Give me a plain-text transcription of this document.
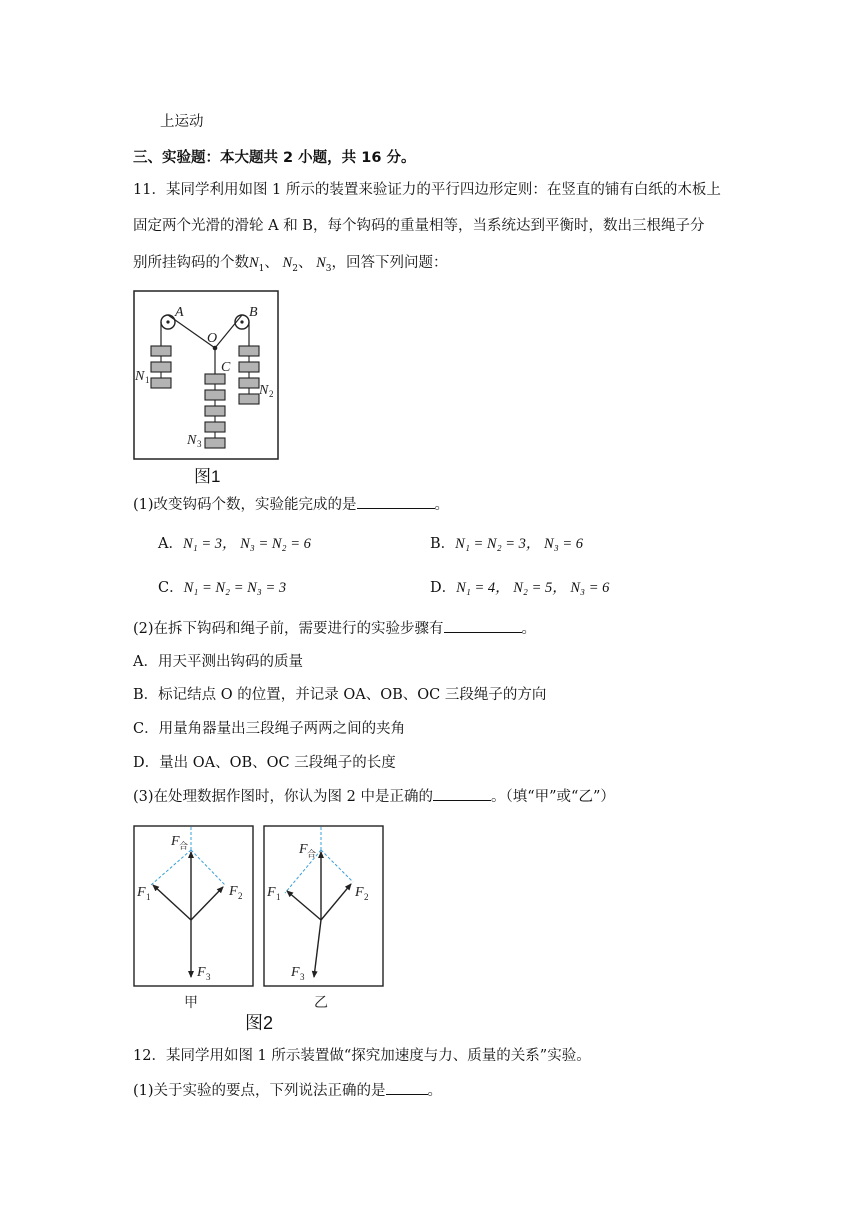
上运动
三、实验题：本大题共 2 小题，共 16 分。
11．某同学利用如图 1 所示的装置来验证力的平行四边形定则：在竖直的铺有白纸的木板上
固定两个光滑的滑轮 A 和 B，每个钩码的重量相等，当系统达到平衡时，数出三根绳子分
别所挂钩码的个数$N_1$、 $N_2$、 $N_3$，回答下列问题：
A	B
O
C
N
N
N
1
2
3
图1
(1)改变钩码个数，实验能完成的是	。
A．N₁ = 3， N₃ = N₂ = 6	B．N₁ = N₂ = 3， N₃ = 6
C．N₁ = N₂ = N₃ = 3	D．N₁ = 4， N₂ = 5， N₃ = 6
(2)在拆下钩码和绳子前，需要进行的实验步骤有	。
A．用天平测出钩码的质量
B．标记结点 O 的位置，并记录 OA、OB、OC 三段绳子的方向
C．用量角器量出三段绳子两两之间的夹角
D．量出 OA、OB、OC 三段绳子的长度
(3)在处理数据作图时，你认为图 2 中是正确的	。（填“甲”或“乙”）
F
F	F
F
F
F	F
F
合
1	2
3
合
1	2
3
甲	乙
图2
12．某同学用如图 1 所示装置做“探究加速度与力、质量的关系”实验。
(1)关于实验的要点，下列说法正确的是	。
